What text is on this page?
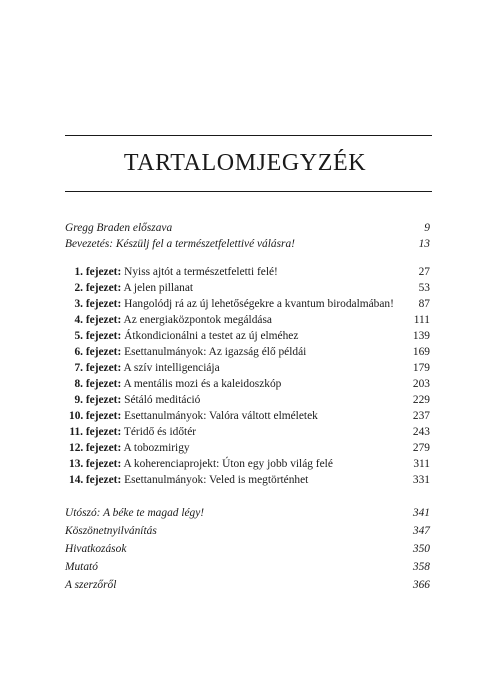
TARTALOMJEGYZÉK
Gregg Braden előszava	9
Bevezetés: Készülj fel a természetfelettivé válásra!	13
1. fejezet: Nyiss ajtót a természetfeletti felé!	27
2. fejezet: A jelen pillanat	53
3. fejezet: Hangolódj rá az új lehetőségekre a kvantum birodalmában! 87
4. fejezet: Az energiaközpontok megáldása	111
5. fejezet: Átkondicionálni a testet az új elméhez	139
6. fejezet: Esettanulmányok: Az igazság élő példái	169
7. fejezet: A szív intelligenciája	179
8. fejezet: A mentális mozi és a kaleidoszkóp	203
9. fejezet: Sétáló meditáció	229
10. fejezet: Esettanulmányok: Valóra váltott elméletek	237
11. fejezet: Téridő és időtér	243
12. fejezet: A tobozmirigy	279
13. fejezet: A koherenciaprojekt: Úton egy jobb világ felé	311
14. fejezet: Esettanulmányok: Veled is megtörténhet	331
Utószó: A béke te magad légy!	341
Köszönetnyilvánítás	347
Hivatkozások	350
Mutató	358
A szerzőről	366
